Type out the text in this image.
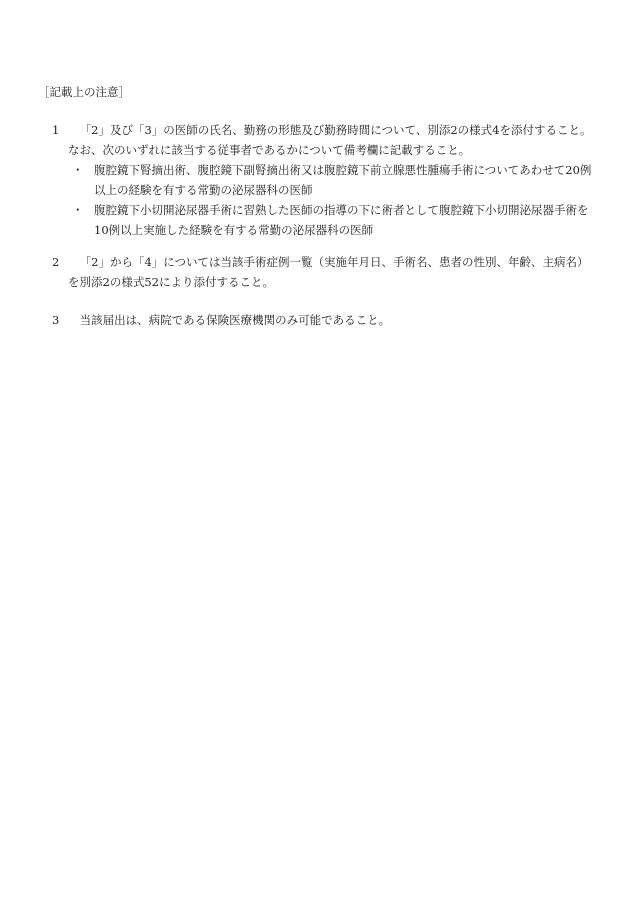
［記載上の注意］

1 「2」及び「3」の医師の氏名、勤務の形態及び勤務時間について、別添2の様式4を添付すること。なお、次のいずれに該当する従事者であるかについて備考欄に記載すること。

・ 腹腔鏡下腎摘出術、腹腔鏡下副腎摘出術又は腹腔鏡下前立腺悪性腫瘍手術についてあわせて20例以上の経験を有する常勤の泌尿器科の医師
・ 腹腔鏡下小切開泌尿器手術に習熟した医師の指導の下に術者として腹腔鏡下小切開泌尿器手術を10例以上実施した経験を有する常勤の泌尿器科の医師

2 「2」から「4」については当該手術症例一覧（実施年月日、手術名、患者の性別、年齢、主病名）を別添2の様式52により添付すること。

3 当該届出は、病院である保険医療機関のみ可能であること。
